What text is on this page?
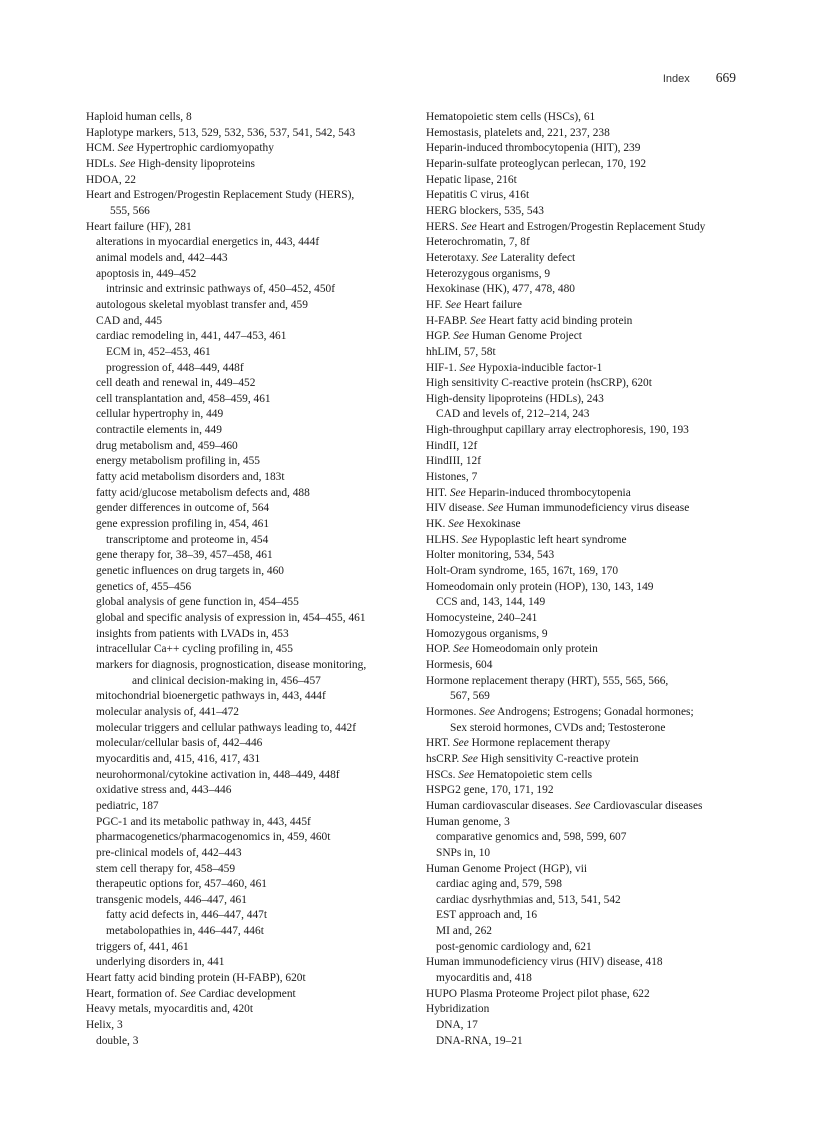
Index 669
Haploid human cells, 8
Haplotype markers, 513, 529, 532, 536, 537, 541, 542, 543
HCM. See Hypertrophic cardiomyopathy
HDLs. See High-density lipoproteins
HDOA, 22
Heart and Estrogen/Progestin Replacement Study (HERS),
555, 566
Heart failure (HF), 281
alterations in myocardial energetics in, 443, 444f
animal models and, 442–443
apoptosis in, 449–452
intrinsic and extrinsic pathways of, 450–452, 450f
autologous skeletal myoblast transfer and, 459
CAD and, 445
cardiac remodeling in, 441, 447–453, 461
ECM in, 452–453, 461
progression of, 448–449, 448f
cell death and renewal in, 449–452
cell transplantation and, 458–459, 461
cellular hypertrophy in, 449
contractile elements in, 449
drug metabolism and, 459–460
energy metabolism profiling in, 455
fatty acid metabolism disorders and, 183t
fatty acid/glucose metabolism defects and, 488
gender differences in outcome of, 564
gene expression profiling in, 454, 461
transcriptome and proteome in, 454
gene therapy for, 38–39, 457–458, 461
genetic influences on drug targets in, 460
genetics of, 455–456
global analysis of gene function in, 454–455
global and specific analysis of expression in, 454–455, 461
insights from patients with LVADs in, 453
intracellular Ca++ cycling profiling in, 455
markers for diagnosis, prognostication, disease monitoring,
and clinical decision-making in, 456–457
mitochondrial bioenergetic pathways in, 443, 444f
molecular analysis of, 441–472
molecular triggers and cellular pathways leading to, 442f
molecular/cellular basis of, 442–446
myocarditis and, 415, 416, 417, 431
neurohormonal/cytokine activation in, 448–449, 448f
oxidative stress and, 443–446
pediatric, 187
PGC-1 and its metabolic pathway in, 443, 445f
pharmacogenetics/pharmacogenomics in, 459, 460t
pre-clinical models of, 442–443
stem cell therapy for, 458–459
therapeutic options for, 457–460, 461
transgenic models, 446–447, 461
fatty acid defects in, 446–447, 447t
metabolopathies in, 446–447, 446t
triggers of, 441, 461
underlying disorders in, 441
Heart fatty acid binding protein (H-FABP), 620t
Heart, formation of. See Cardiac development
Heavy metals, myocarditis and, 420t
Helix, 3
double, 3
Hematopoietic stem cells (HSCs), 61
Hemostasis, platelets and, 221, 237, 238
Heparin-induced thrombocytopenia (HIT), 239
Heparin-sulfate proteoglycan perlecan, 170, 192
Hepatic lipase, 216t
Hepatitis C virus, 416t
HERG blockers, 535, 543
HERS. See Heart and Estrogen/Progestin Replacement Study
Heterochromatin, 7, 8f
Heterotaxy. See Laterality defect
Heterozygous organisms, 9
Hexokinase (HK), 477, 478, 480
HF. See Heart failure
H-FABP. See Heart fatty acid binding protein
HGP. See Human Genome Project
hhLIM, 57, 58t
HIF-1. See Hypoxia-inducible factor-1
High sensitivity C-reactive protein (hsCRP), 620t
High-density lipoproteins (HDLs), 243
CAD and levels of, 212–214, 243
High-throughput capillary array electrophoresis, 190, 193
HindII, 12f
HindIII, 12f
Histones, 7
HIT. See Heparin-induced thrombocytopenia
HIV disease. See Human immunodeficiency virus disease
HK. See Hexokinase
HLHS. See Hypoplastic left heart syndrome
Holter monitoring, 534, 543
Holt-Oram syndrome, 165, 167t, 169, 170
Homeodomain only protein (HOP), 130, 143, 149
CCS and, 143, 144, 149
Homocysteine, 240–241
Homozygous organisms, 9
HOP. See Homeodomain only protein
Hormesis, 604
Hormone replacement therapy (HRT), 555, 565, 566,
567, 569
Hormones. See Androgens; Estrogens; Gonadal hormones;
Sex steroid hormones, CVDs and; Testosterone
HRT. See Hormone replacement therapy
hsCRP. See High sensitivity C-reactive protein
HSCs. See Hematopoietic stem cells
HSPG2 gene, 170, 171, 192
Human cardiovascular diseases. See Cardiovascular diseases
Human genome, 3
comparative genomics and, 598, 599, 607
SNPs in, 10
Human Genome Project (HGP), vii
cardiac aging and, 579, 598
cardiac dysrhythmias and, 513, 541, 542
EST approach and, 16
MI and, 262
post-genomic cardiology and, 621
Human immunodeficiency virus (HIV) disease, 418
myocarditis and, 418
HUPO Plasma Proteome Project pilot phase, 622
Hybridization
DNA, 17
DNA-RNA, 19–21
